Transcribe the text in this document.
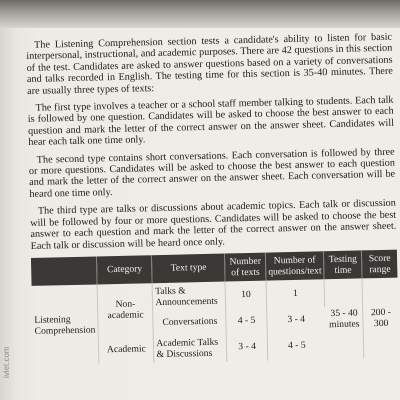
The Listening Comprehension section tests a candidate's ability to listen for basic interpersonal, instructional, and academic purposes. There are 42 questions in this section of the test. Candidates are asked to answer questions based on a variety of conversations and talks recorded in English. The testing time for this section is 35-40 minutes. There are usually three types of texts:

The first type involves a teacher or a school staff member talking to students. Each talk is followed by one question. Candidates will be asked to choose the best answer to each question and mark the letter of the correct answer on the answer sheet. Candidates will hear each talk one time only.

The second type contains short conversations. Each conversation is followed by three or more questions. Candidates will be asked to choose the best answer to each question and mark the letter of the correct answer on the answer sheet. Each conversation will be heard one time only.

The third type are talks or discussions about academic topics. Each talk or discussion will be followed by four or more questions. Candidates will be asked to choose the best answer to each question and mark the letter of the correct answer on the answer sheet. Each talk or discussion will be heard once only.

	Category	Text type	Number of texts	Number of questions/text	Testing time	Score range
Listening Comprehension	Non-academic	Talks & Announcements	10	1	35 - 40 minutes	200 - 300
		Conversations	4 - 5	3 - 4		
	Academic	Academic Talks & Discussions	3 - 4	4 - 5		
iviet.com
